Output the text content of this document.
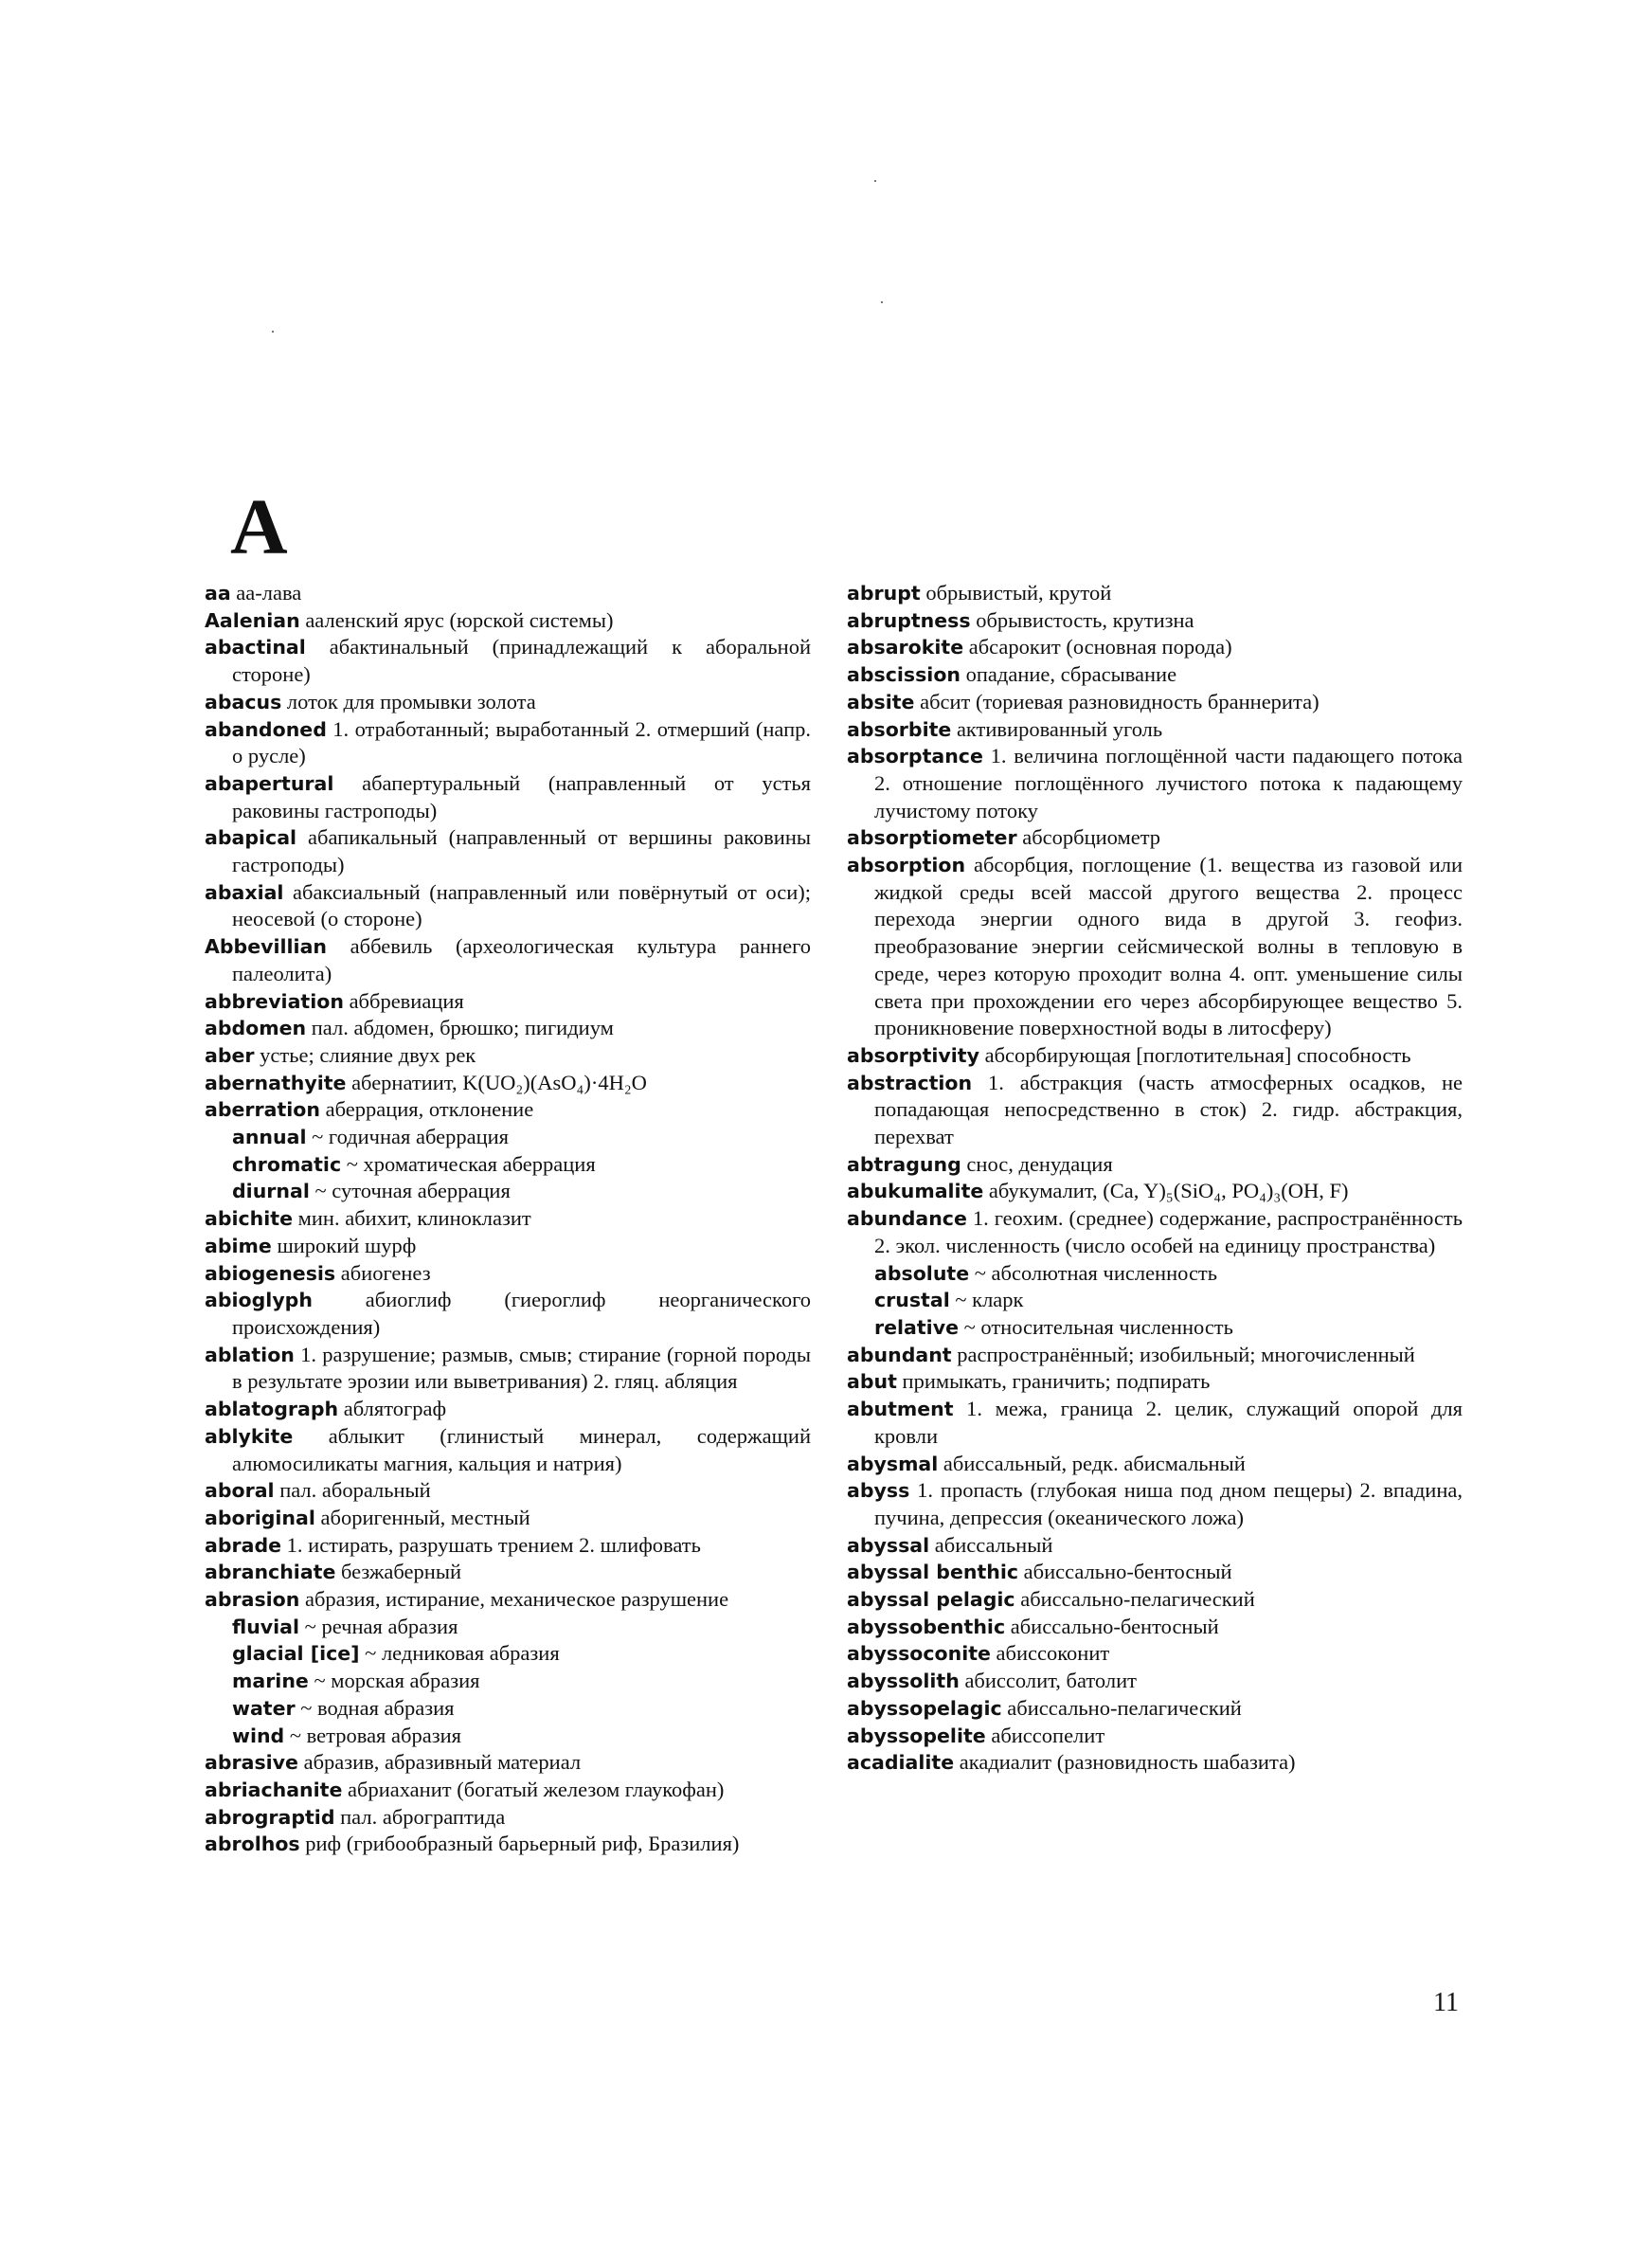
A
aa аа-лава
Aalenian ааленский ярус (юрской системы)
abactinal абактинальный (принадлежащий к аборальной стороне)
abacus лоток для промывки золота
abandoned 1. отработанный; выработанный 2. отмерший (напр. о русле)
abapertural абапертуральный (направленный от устья раковины гастроподы)
abapical абапикальный (направленный от вершины раковины гастроподы)
abaxial абаксиальный (направленный или повёрнутый от оси); неосевой (о стороне)
Abbevillian аббевиль (археологическая культура раннего палеолита)
abbreviation аббревиация
abdomen пал. абдомен, брюшко; пигидиум
aber устье; слияние двух рек
abernathyite абернатиит, K(UO₂)(AsO₄)·4H₂O
aberration аберрация, отклонение
annual ~ годичная аберрация
chromatic ~ хроматическая аберрация
diurnal ~ суточная аберрация
abichite мин. абихит, клиноклазит
abime широкий шурф
abiogenesis абиогенез
abioglyph абиоглиф (гиероглиф неорганического происхождения)
ablation 1. разрушение; размыв, смыв; стирание (горной породы в результате эрозии или выветривания) 2. гляц. абляция
ablatograph аблятограф
ablykite аблыкит (глинистый минерал, содержащий алюмосиликаты магния, кальция и натрия)
aboral пал. аборальный
aboriginal аборигенный, местный
abrade 1. истирать, разрушать трением 2. шлифовать
abranchiate безжаберный
abrasion абразия, истирание, механическое разрушение
fluvial ~ речная абразия
glacial [ice] ~ ледниковая абразия
marine ~ морская абразия
water ~ водная абразия
wind ~ ветровая абразия
abrasive абразив, абразивный материал
abriachanite абриаханит (богатый железом глаукофан)
abrograptid пал. аброграптида
abrolhos риф (грибообразный барьерный риф, Бразилия)
abrupt обрывистый, крутой
abruptness обрывистость, крутизна
absarokite абсарокит (основная порода)
abscission опадание, сбрасывание
absite абсит (ториевая разновидность браннерита)
absorbite активированный уголь
absorptance 1. величина поглощённой части падающего потока 2. отношение поглощённого лучистого потока к падающему лучистому потоку
absorptiometer абсорбциометр
absorption абсорбция, поглощение (1. вещества из газовой или жидкой среды всей массой другого вещества 2. процесс перехода энергии одного вида в другой 3. геофиз. преобразование энергии сейсмической волны в тепловую в среде, через которую проходит волна 4. опт. уменьшение силы света при прохождении его через абсорбирующее вещество 5. проникновение поверхностной воды в литосферу)
absorptivity абсорбирующая [поглотительная] способность
abstraction 1. абстракция (часть атмосферных осадков, не попадающая непосредственно в сток) 2. гидр. абстракция, перехват
abtragung снос, денудация
abukumalite абукумалит, (Ca, Y)₅(SiO₄, PO₄)₃(OH, F)
abundance 1. геохим. (среднее) содержание, распространённость 2. экол. численность (число особей на единицу пространства)
absolute ~ абсолютная численность
crustal ~ кларк
relative ~ относительная численность
abundant распространённый; изобильный; многочисленный
abut примыкать, граничить; подпирать
abutment 1. межа, граница 2. целик, служащий опорой для кровли
abysmal абиссальный, редк. абисмальный
abyss 1. пропасть (глубокая ниша под дном пещеры) 2. впадина, пучина, депрессия (океанического ложа)
abyssal абиссальный
abyssal benthic абиссально-бентосный
abyssal pelagic абиссально-пелагический
abyssobenthic абиссально-бентосный
abyssoconite абиссоконит
abyssolith абиссолит, батолит
abyssopelagic абиссально-пелагический
abyssopelite абиссопелит
acadialite акадиалит (разновидность шабазита)
11
